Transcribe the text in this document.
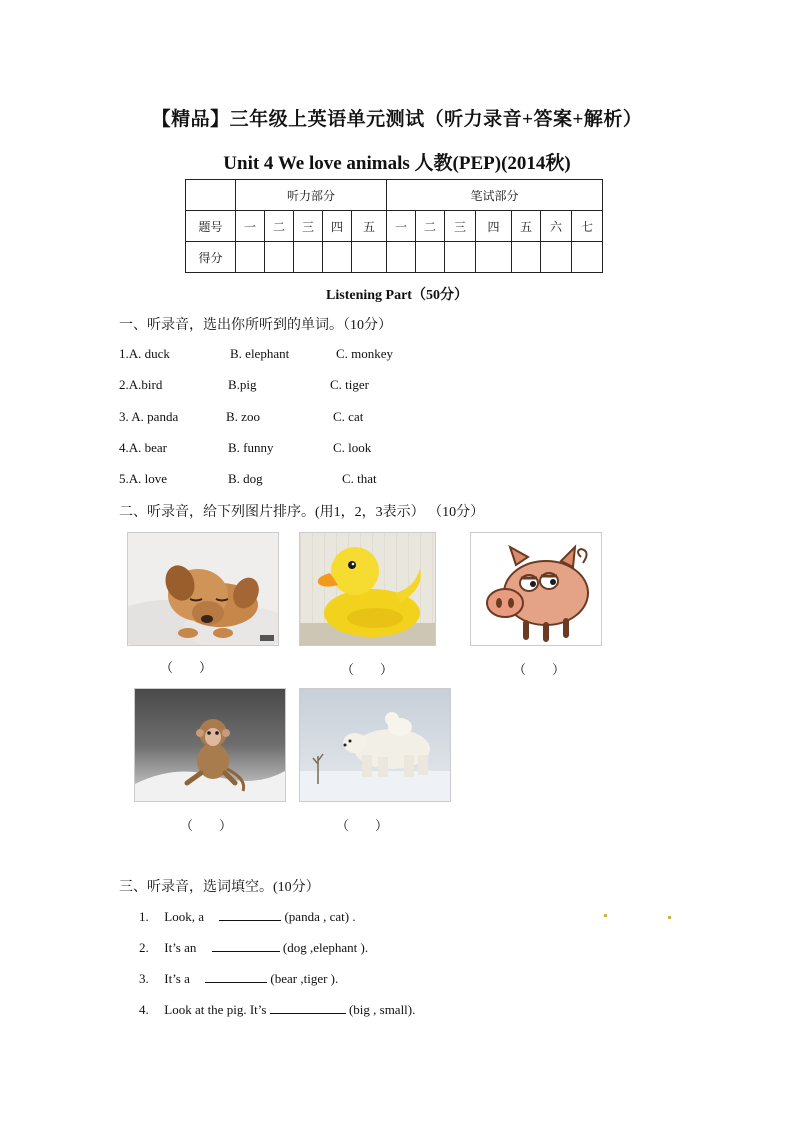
【精品】三年级上英语单元测试（听力录音+答案+解析）
Unit 4 We love animals 人教(PEP)(2014秋)
	听力部分					笔试部分						
题号	一	二	三	四	五	一	二	三	四	五	六	七
得分												
Listening Part（50分）
一、听录音，选出你所听到的单词。（10分）
1.A. duck	B. elephant	C. monkey
2.A.bird	B.pig	C. tiger
3. A. panda	B. zoo	C. cat
4.A. bear	B. funny	C. look
5.A. love	B. dog	C. that
二、听录音，给下列图片排序。(用1，2，3表示） （10分）
（　　）	（　　）	（　　）
（　　）	（　　）
三、听录音，选词填空。(10分）
1. Look, a	(panda , cat) .
2. It’s an	(dog ,elephant ).
3. It’s a	(bear ,tiger ).
4. Look at the pig. It’s	(big , small).
